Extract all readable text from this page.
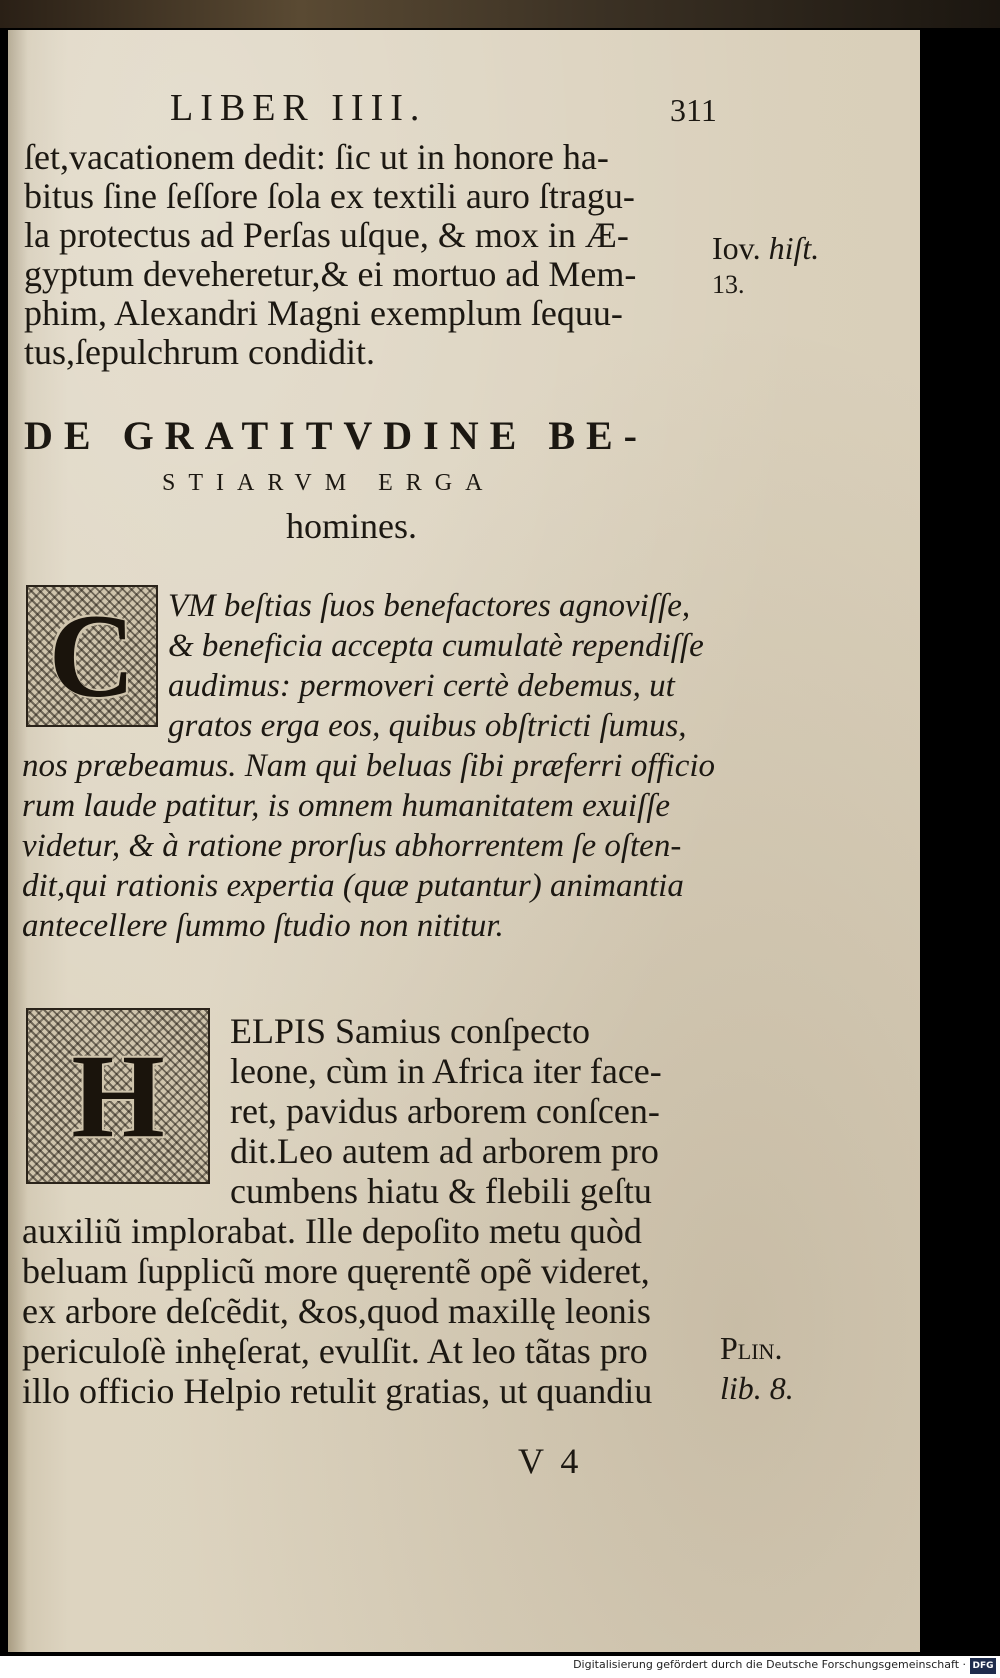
LIBER IIII.	311
ſet,vacationem dedit: ſic ut in honore ha-
bitus ſine ſeſſore ſola ex textili auro ſtragu-
la protectus ad Perſas uſque, & mox in Æ-
gyptum deveheretur,& ei mortuo ad Mem-
phim, Alexandri Magni exemplum ſequu-
tus,ſepulchrum condidit.
Iov. hiſt.
13.
DE GRATITVDINE BE-
STIARVM ERGA
homines.
C VM beſtias ſuos benefactores agnoviſſe,
& beneficia accepta cumulatè rependiſſe
audimus: permoveri certè debemus, ut
gratos erga eos, quibus obſtricti ſumus,
nos præbeamus. Nam qui beluas ſibi præferri officio
rum laude patitur, is omnem humanitatem exuiſſe
videtur, & à ratione prorſus abhorrentem ſe oſten-
dit,qui rationis expertia (quæ putantur) animantia
antecellere ſummo ſtudio non nititur.
H ELPIS Samius conſpecto
leone, cùm in Africa iter face-
ret, pavidus arborem conſcen-
dit.Leo autem ad arborem pro
cumbens hiatu & flebili geſtu
auxiliũ implorabat. Ille depoſito metu quòd
beluam ſupplicũ more quęrentẽ opẽ videret,
ex arbore deſcẽdit, &os,quod maxillę leonis
periculoſè inhęſerat, evulſit. At leo tãtas pro
illo officio Helpio retulit gratias, ut quandiu
Plin.
lib. 8.
V 4
Digitalisierung gefördert durch die Deutsche Forschungsgemeinschaft · DFG
